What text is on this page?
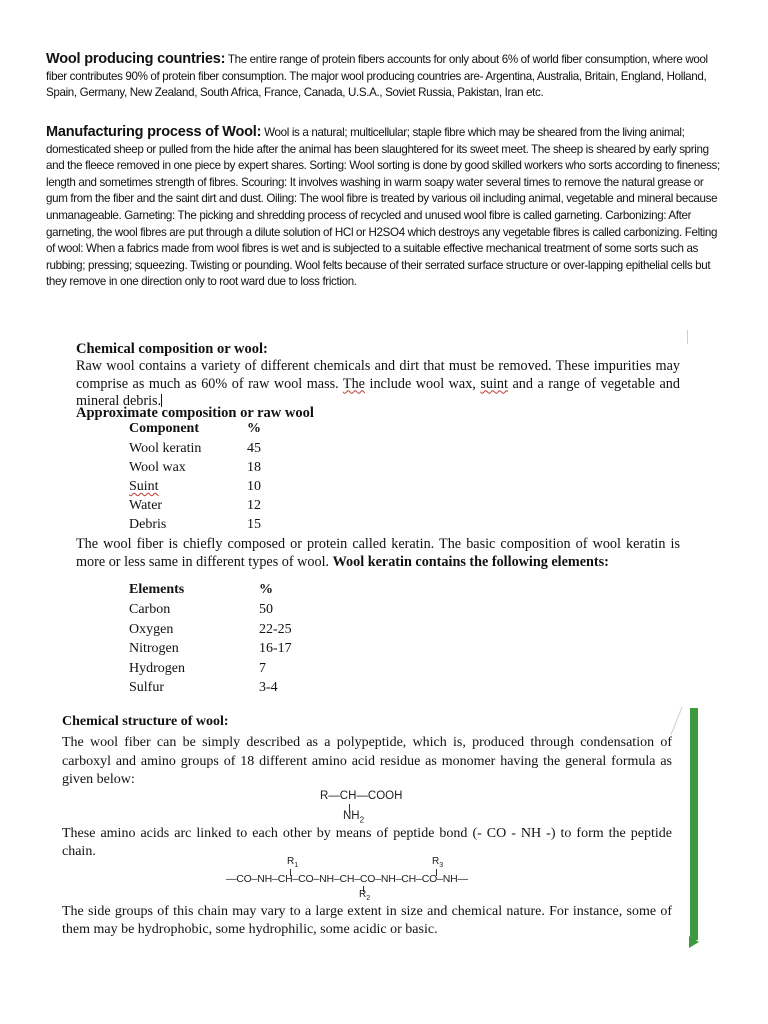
Wool producing countries: The entire range of protein fibers accounts for only about 6% of world fiber consumption, where wool fiber contributes 90% of protein fiber consumption. The major wool producing countries are- Argentina, Australia, Britain, England, Holland, Spain, Germany, New Zealand, South Africa, France, Canada, U.S.A., Soviet Russia, Pakistan, Iran etc.
Manufacturing process of Wool: Wool is a natural; multicellular; staple fibre which may be sheared from the living animal; domesticated sheep or pulled from the hide after the animal has been slaughtered for its sweet meet. The sheep is sheared by early spring and the fleece removed in one piece by expert shares. Sorting: Wool sorting is done by good skilled workers who sorts according to fineness; length and sometimes strength of fibres. Scouring: It involves washing in warm soapy water several times to remove the natural grease or gum from the fiber and the saint dirt and dust. Oiling: The wool fibre is treated by various oil including animal, vegetable and mineral because unmanageable. Garneting: The picking and shredding process of recycled and unused wool fibre is called garneting. Carbonizing: After garneting, the wool fibres are put through a dilute solution of HCl or H2SO4 which destroys any vegetable fibres is called carbonizing. Felting of wool: When a fabrics made from wool fibres is wet and is subjected to a suitable effective mechanical treatment of some sorts such as rubbing; pressing; squeezing. Twisting or pounding. Wool felts because of their serrated surface structure or over-lapping epithelial cells but they remove in one direction only to root ward due to loss friction.
Chemical composition or wool:
Raw wool contains a variety of different chemicals and dirt that must be removed. These impurities may comprise as much as 60% of raw wool mass. The include wool wax, suint and a range of vegetable and mineral debris.
Approximate composition or raw wool
Component	%
Wool keratin	45
Wool wax	18
Suint	10
Water	12
Debris	15
The wool fiber is chiefly composed or protein called keratin. The basic composition of wool keratin is more or less same in different types of wool. Wool keratin contains the following elements:
Elements	%
Carbon	50
Oxygen	22-25
Nitrogen	16-17
Hydrogen	7
Sulfur	3-4
Chemical structure of wool:
The wool fiber can be simply described as a polypeptide, which is, produced through condensation of carboxyl and amino groups of 18 different amino acid residue as monomer having the general formula as given below:
R—CH—COOH
$NH_2$
These amino acids arc linked to each other by means of peptide bond (- CO - NH -) to form the peptide chain.
$R_1$	$R_3$
—CO–NH–CH–CO–NH–CH–CO–NH–CH–CO–NH—
$R_2$
The side groups of this chain may vary to a large extent in size and chemical nature. For instance, some of them may be hydrophobic, some hydrophilic, some acidic or basic.
